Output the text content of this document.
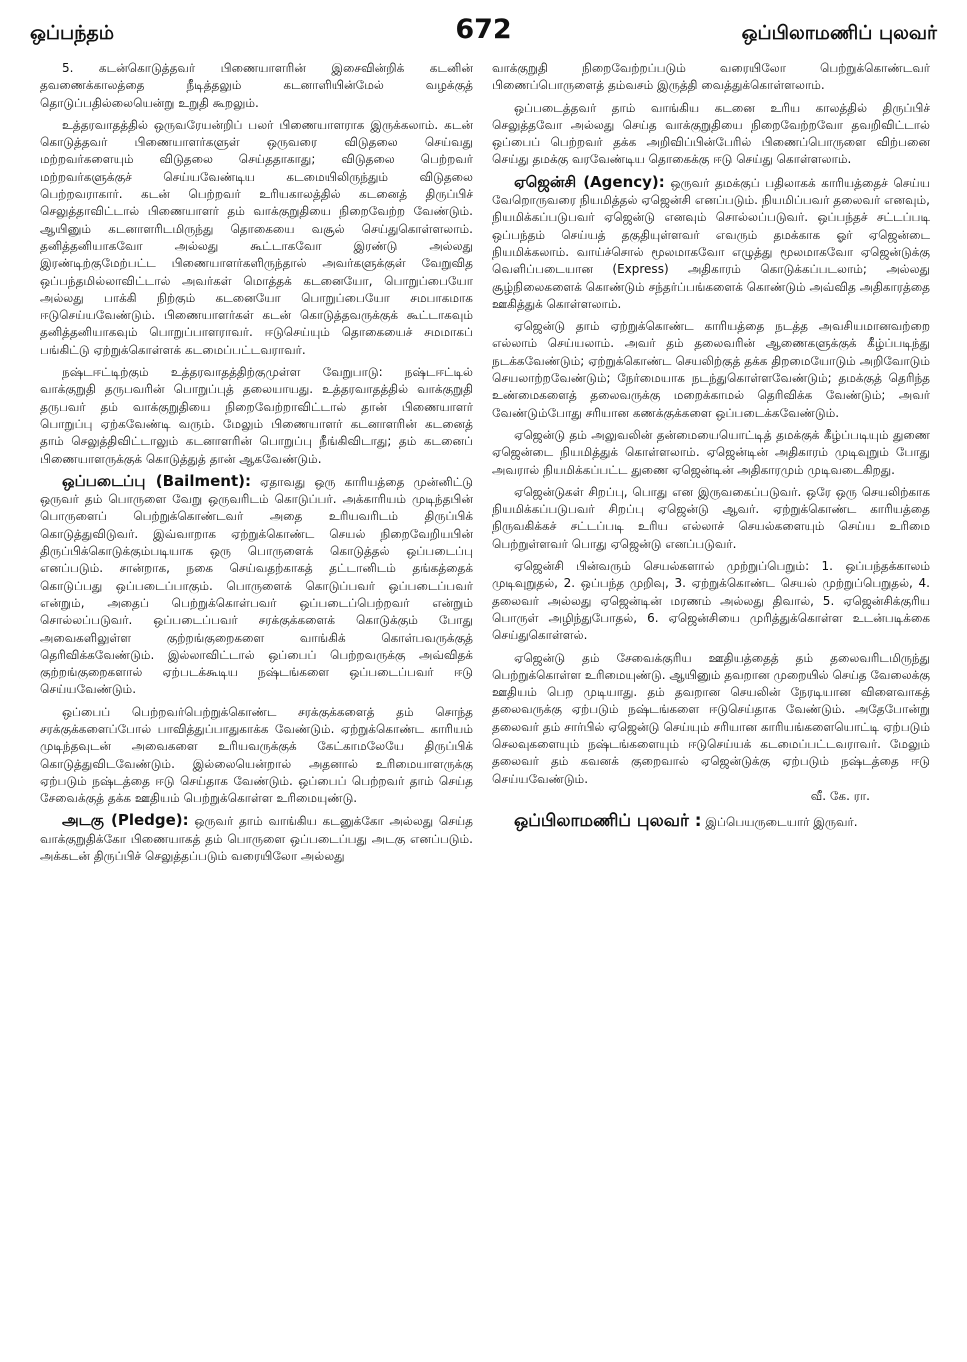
ஒப்பந்தம்	672	ஒப்பிலாமணிப் புலவர்

5. கடன்கொடுத்தவர் பிணையாளரின் இசைவின்றிக் கடனின் தவணைக்காலத்தை நீடித்தலும் கடனாளியின்மேல் வழக்குத் தொடுப்பதில்லையென்று உறுதி கூறலும்.

உத்தரவாதத்தில் ஒருவரேயன்றிப் பலர் பிணையாளராக இருக்கலாம். கடன் கொடுத்தவர் பிணையாளர்களுள் ஒருவரை விடுதலை செய்வது மற்றவர்களையும் விடுதலை செய்ததாகாது; விடுதலை பெற்றவர் மற்றவர்களுக்குச் செய்யவேண்டிய கடமையிலிருந்தும் விடுதலை பெற்றவராகார். கடன் பெற்றவர் உரியகாலத்தில் கடனைத் திருப்பிச் செலுத்தாவிட்டால் பிணையாளர் தம் வாக்குறுதியை நிறைவேற்ற வேண்டும். ஆயினும் கடனாளரிடமிருந்து தொகையை வசூல் செய்துகொள்ளலாம். தனித்தனியாகவோ அல்லது கூட்டாகவோ இரண்டு அல்லது இரண்டிற்குமேற்பட்ட பிணையாளர்களிருந்தால் அவர்களுக்குள் வேறுவித ஒப்பந்தமில்லாவிட்டால் அவர்கள் மொத்தக் கடனையோ, பொறுப்பையோ அல்லது பாக்கி நிற்கும் கடனையோ பொறுப்பையோ சமபாகமாக ஈடுசெய்யவேண்டும். பிணையாளர்கள் கடன் கொடுத்தவருக்குக் கூட்டாகவும் தனித்தனியாகவும் பொறுப்பாளராவர். ஈடுசெய்யும் தொகையைச் சமமாகப் பங்கிட்டு ஏற்றுக்கொள்ளக் கடமைப்பட்டவராவர்.

நஷ்டஈட்டிற்கும் உத்தரவாதத்திற்குமுள்ள வேறுபாடு: நஷ்டஈட்டில் வாக்குறுதி தருபவரின் பொறுப்புத் தலையாயது. உத்தரவாதத்தில் வாக்குறுதி தருபவர் தம் வாக்குறுதியை நிறைவேற்றாவிட்டால் தான் பிணையாளர் பொறுப்பு ஏற்கவேண்டி வரும். மேலும் பிணையாளர் கடனாளரின் கடனைத் தாம் செலுத்திவிட்டாலும் கடனாளரின் பொறுப்பு நீங்கிவிடாது; தம் கடனைப் பிணையாளருக்குக் கொடுத்துத் தான் ஆகவேண்டும்.

ஒப்படைப்பு (Bailment): ஏதாவது ஒரு காரியத்தை முன்னிட்டு ஒருவர் தம் பொருளை வேறு ஒருவரிடம் கொடுப்பர். அக்காரியம் முடிந்தபின் பொருளைப் பெற்றுக்கொண்டவர் அதை உரியவரிடம் திருப்பிக் கொடுத்துவிடுவர். இவ்வாறாக ஏற்றுக்கொண்ட செயல் நிறைவேறியபின் திருப்பிக்கொடுக்கும்படியாக ஒரு பொருளைக் கொடுத்தல் ஒப்படைப்பு எனப்படும். சான்றாக, நகை செய்வதற்காகத் தட்டானிடம் தங்கத்தைக் கொடுப்பது ஒப்படைப்பாகும். பொருளைக் கொடுப்பவர் ஒப்படைப்பவர் என்றும், அதைப் பெற்றுக்கொள்பவர் ஒப்படைப்பெற்றவர் என்றும் சொல்லப்படுவர். ஒப்படைப்பவர் சரக்குக்களைக் கொடுக்கும் போது அவைகளிலுள்ள குற்றங்குறைகளை வாங்கிக் கொள்பவருக்குத் தெரிவிக்கவேண்டும். இல்லாவிட்டால் ஒப்பைப் பெற்றவருக்கு அவ்விதக் குற்றங்குறைகளால் ஏற்படக்கூடிய நஷ்டங்களை ஒப்படைப்பவர் ஈடு செய்யவேண்டும்.

ஒப்பைப் பெற்றவர்பெற்றுக்கொண்ட சரக்குக்களைத் தம் சொந்த சரக்குக்களைப்போல் பாவித்துப்பாதுகாக்க வேண்டும். ஏற்றுக்கொண்ட காரியம் முடிந்தவுடன் அவைகளை உரியவருக்குக் கேட்காமலேயே திருப்பிக் கொடுத்துவிடவேண்டும். இல்லையென்றால் அதனால் உரிமையாளருக்கு ஏற்படும் நஷ்டத்தை ஈடு செய்தாக வேண்டும். ஒப்பைப் பெற்றவர் தாம் செய்த சேவைக்குத் தக்க ஊதியம் பெற்றுக்கொள்ள உரிமையுண்டு.

அடகு (Pledge): ஒருவர் தாம் வாங்கிய கடனுக்கோ அல்லது செய்த வாக்குறுதிக்கோ பிணையாகத் தம் பொருளை ஒப்படைப்பது அடகு எனப்படும். அக்கடன் திருப்பிச் செலுத்தப்படும் வரையிலோ அல்லது

வாக்குறுதி நிறைவேற்றப்படும் வரையிலோ பெற்றுக்கொண்டவர் பிணைப்பொருளைத் தம்வசம் இருத்தி வைத்துக்கொள்ளலாம்.

ஒப்படைத்தவர் தாம் வாங்கிய கடனை உரிய காலத்தில் திருப்பிச் செலுத்தவோ அல்லது செய்த வாக்குறுதியை நிறைவேற்றவோ தவறிவிட்டால் ஒப்பைப் பெற்றவர் தக்க அறிவிப்பின்பேரில் பிணைப்பொருளை விற்பனை செய்து தமக்கு வரவேண்டிய தொகைக்கு ஈடு செய்து கொள்ளலாம்.

ஏஜென்சி (Agency): ஒருவர் தமக்குப் பதிலாகக் காரியத்தைச் செய்ய வேறொருவரை நியமித்தல் ஏஜென்சி எனப்படும். நியமிப்பவர் தலைவர் எனவும், நியமிக்கப்படுபவர் ஏஜென்டு எனவும் சொல்லப்படுவர். ஒப்பந்தச் சட்டப்படி ஒப்பந்தம் செய்யத் தகுதியுள்ளவர் எவரும் தமக்காக ஓர் ஏஜென்டை நியமிக்கலாம். வாய்ச்சொல் மூலமாகவோ எழுத்து மூலமாகவோ ஏஜென்டுக்கு வெளிப்படையான (Express) அதிகாரம் கொடுக்கப்படலாம்; அல்லது சூழ்நிலைகளைக் கொண்டும் சந்தர்ப்பங்களைக் கொண்டும் அவ்வித அதிகாரத்தை ஊகித்துக் கொள்ளலாம்.

ஏஜென்டு தாம் ஏற்றுக்கொண்ட காரியத்தை நடத்த அவசியமானவற்றை எல்லாம் செய்யலாம். அவர் தம் தலைவரின் ஆணைகளுக்குக் கீழ்ப்படிந்து நடக்கவேண்டும்; ஏற்றுக்கொண்ட செயலிற்குத் தக்க திறமையோடும் அறிவோடும் செயலாற்றவேண்டும்; நேர்மையாக நடந்துகொள்ளவேண்டும்; தமக்குத் தெரிந்த உண்மைகளைத் தலைவருக்கு மறைக்காமல் தெரிவிக்க வேண்டும்; அவர் வேண்டும்போது சரியான கணக்குக்களை ஒப்படைக்கவேண்டும்.

ஏஜென்டு தம் அலுவலின் தன்மையையொட்டித் தமக்குக் கீழ்ப்படியும் துணை ஏஜென்டை நியமித்துக் கொள்ளலாம். ஏஜென்டின் அதிகாரம் முடிவுறும் போது அவரால் நியமிக்கப்பட்ட துணை ஏஜென்டின் அதிகாரமும் முடிவடைகிறது.

ஏஜென்டுகள் சிறப்பு, பொது என இருவகைப்படுவர். ஒரே ஒரு செயலிற்காக நியமிக்கப்படுபவர் சிறப்பு ஏஜென்டு ஆவர். ஏற்றுக்கொண்ட காரியத்தை நிருவகிக்கச் சட்டப்படி உரிய எல்லாச் செயல்களையும் செய்ய உரிமை பெற்றுள்ளவர் பொது ஏஜென்டு எனப்படுவர்.

ஏஜென்சி பின்வரும் செயல்களால் முற்றுப்பெறும்: 1. ஒப்பந்தக்காலம் முடிவுறுதல், 2. ஒப்பந்த முறிவு, 3. ஏற்றுக்கொண்ட செயல் முற்றுப்பெறுதல், 4. தலைவர் அல்லது ஏஜென்டின் மரணம் அல்லது திவால், 5. ஏஜென்சிக்குரிய பொருள் அழிந்துபோதல், 6. ஏஜென்சியை முரித்துக்கொள்ள உடன்படிக்கை செய்துகொள்ளல்.

ஏஜென்டு தம் சேவைக்குரிய ஊதியத்தைத் தம் தலைவரிடமிருந்து பெற்றுக்கொள்ள உரிமையுண்டு. ஆயினும் தவறான முறையில் செய்த வேலைக்கு ஊதியம் பெற முடியாது. தம் தவறான செயலின் நேரடியான விளைவாகத் தலைவருக்கு ஏற்படும் நஷ்டங்களை ஈடுசெய்தாக வேண்டும். அதேபோன்று தலைவர் தம் சார்பில் ஏஜென்டு செய்யும் சரியான காரியங்களையொட்டி ஏற்படும் செலவுகளையும் நஷ்டங்களையும் ஈடுசெய்யக் கடமைப்பட்டவராவர். மேலும் தலைவர் தம் கவனக் குறைவால் ஏஜென்டுக்கு ஏற்படும் நஷ்டத்தை ஈடு செய்யவேண்டும்.
வீ. கே. ரா.

ஒப்பிலாமணிப் புலவர் : இப்பெயருடையார் இருவர்.
